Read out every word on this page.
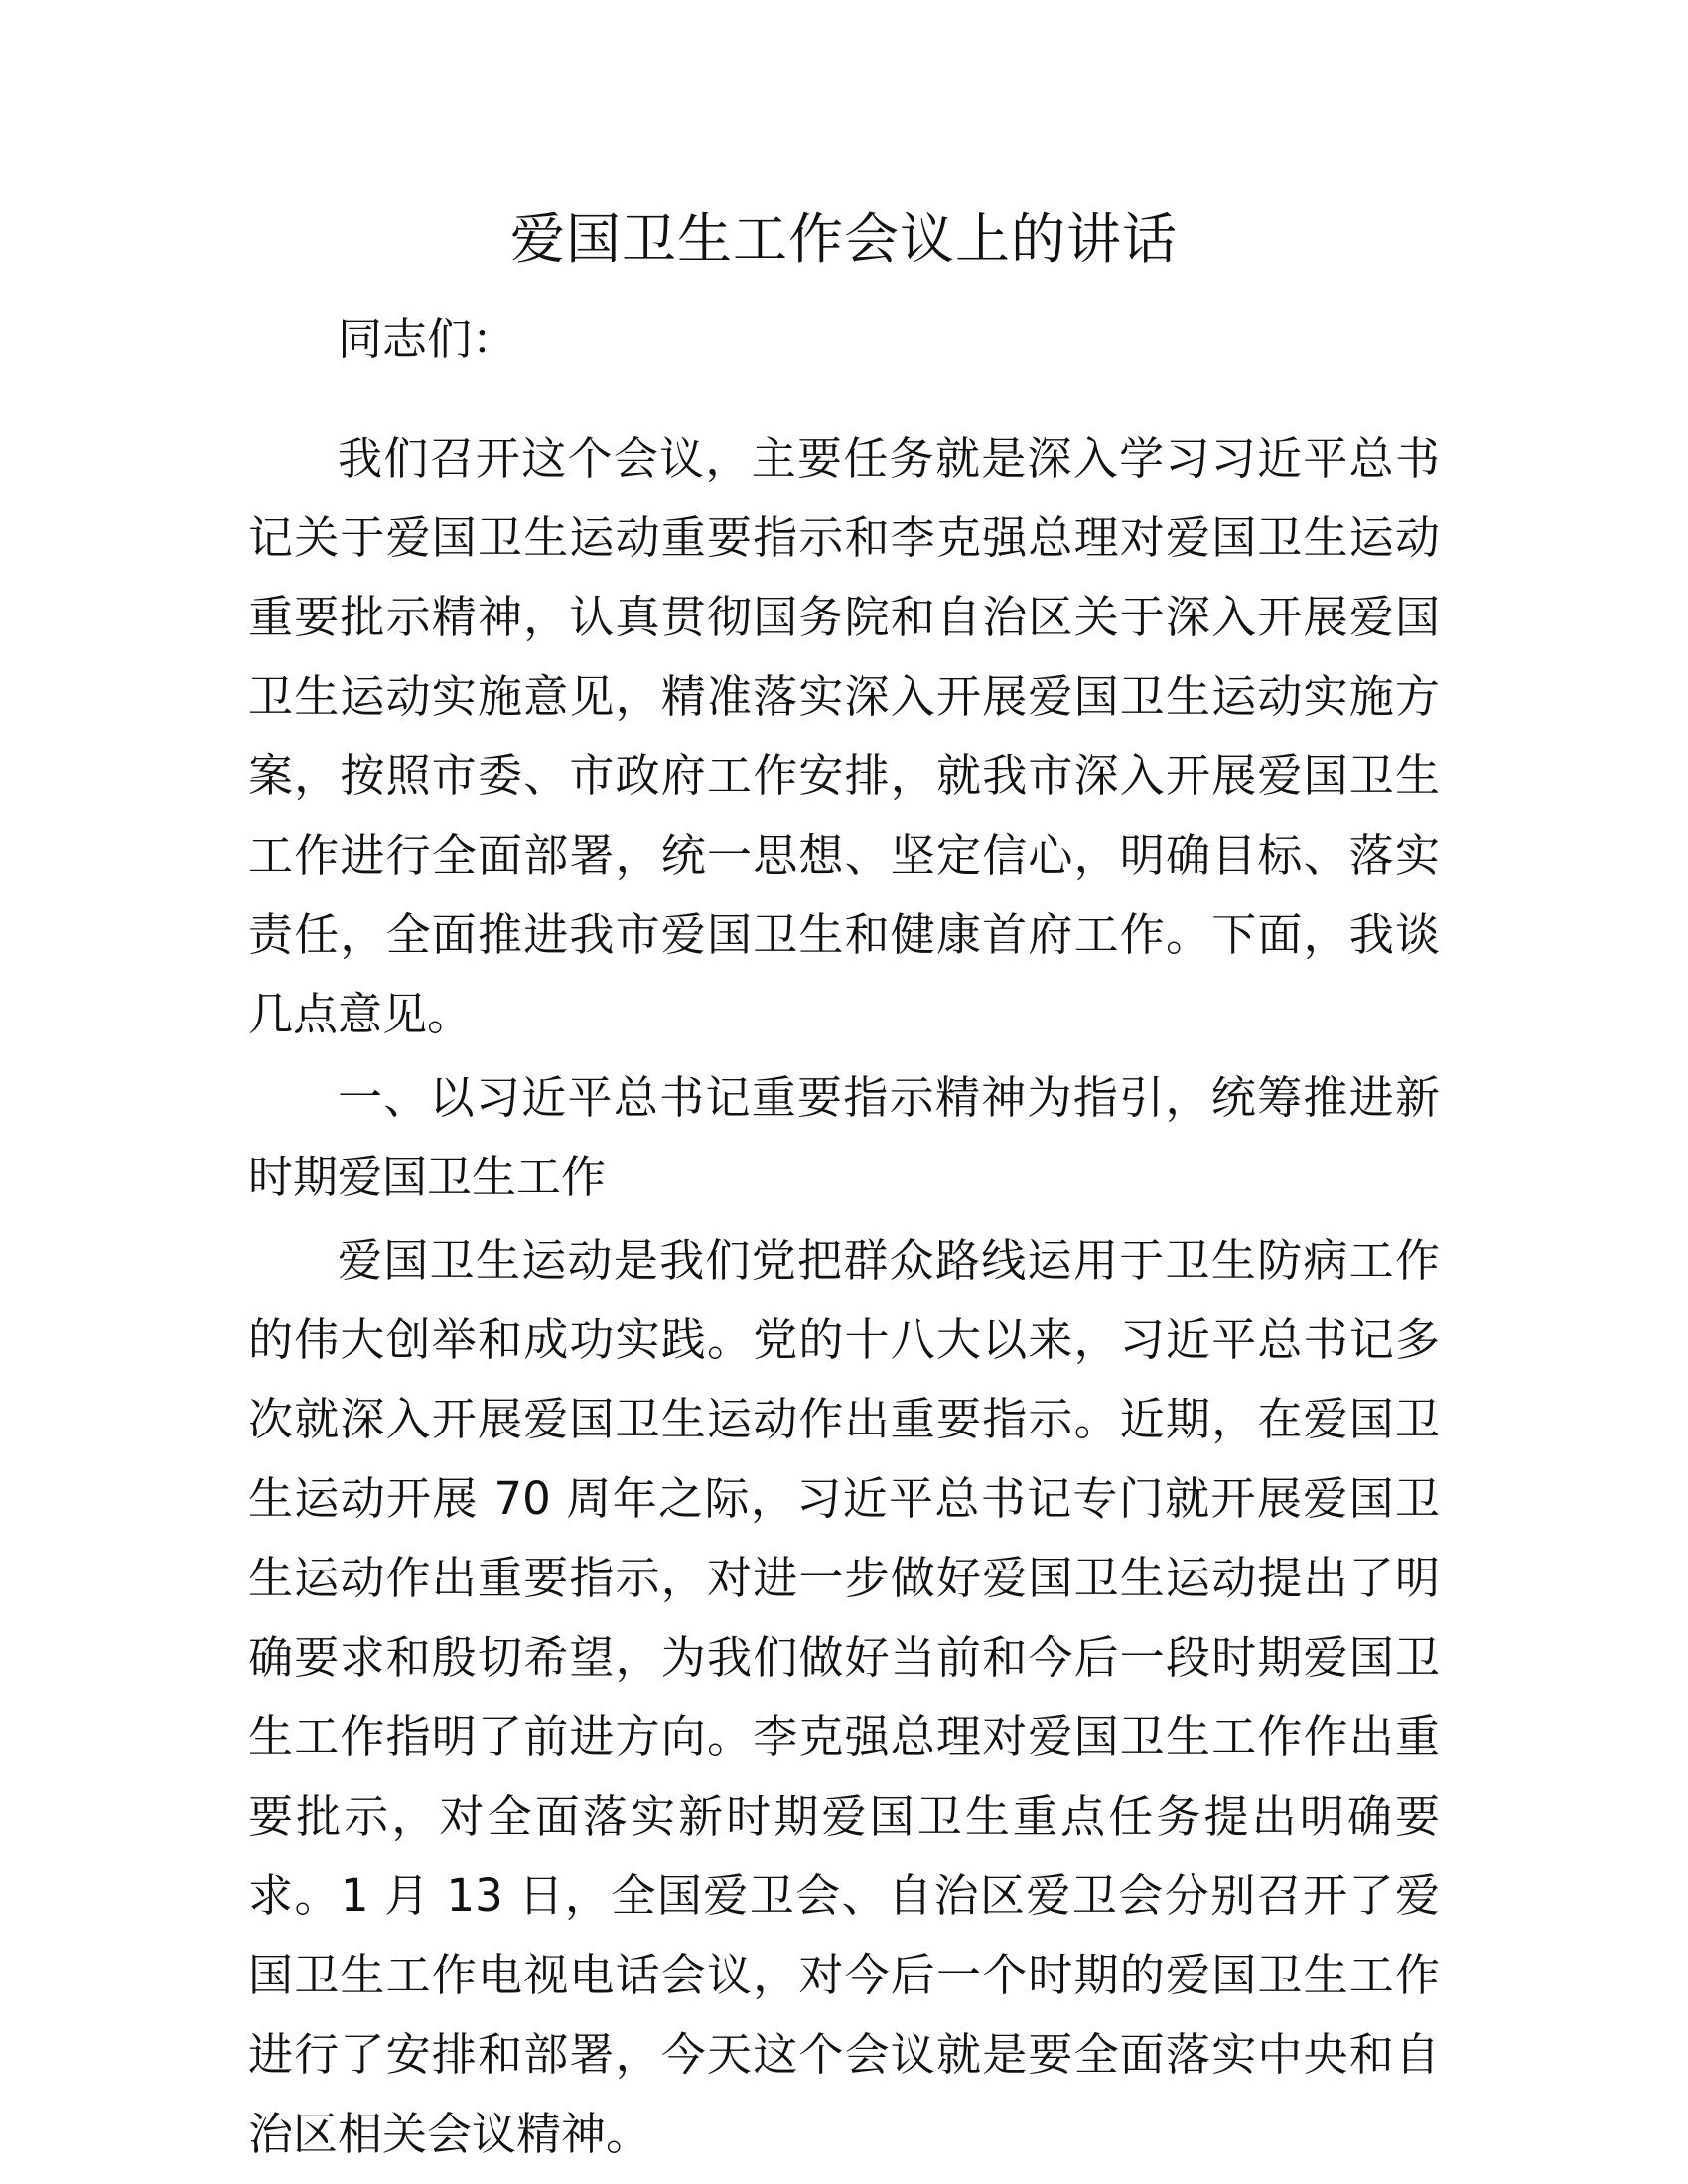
爱国卫生工作会议上的讲话

同志们：

我们召开这个会议，主要任务就是深入学习习近平总书记关于爱国卫生运动重要指示和李克强总理对爱国卫生运动重要批示精神，认真贯彻国务院和自治区关于深入开展爱国卫生运动实施意见，精准落实深入开展爱国卫生运动实施方案，按照市委、市政府工作安排，就我市深入开展爱国卫生工作进行全面部署，统一思想、坚定信心，明确目标、落实责任，全面推进我市爱国卫生和健康首府工作。下面，我谈几点意见。

一、以习近平总书记重要指示精神为指引，统筹推进新时期爱国卫生工作

爱国卫生运动是我们党把群众路线运用于卫生防病工作的伟大创举和成功实践。党的十八大以来，习近平总书记多次就深入开展爱国卫生运动作出重要指示。近期，在爱国卫生运动开展 70 周年之际，习近平总书记专门就开展爱国卫生运动作出重要指示，对进一步做好爱国卫生运动提出了明确要求和殷切希望，为我们做好当前和今后一段时期爱国卫生工作指明了前进方向。李克强总理对爱国卫生工作作出重要批示，对全面落实新时期爱国卫生重点任务提出明确要求。1 月 13 日，全国爱卫会、自治区爱卫会分别召开了爱国卫生工作电视电话会议，对今后一个时期的爱国卫生工作进行了安排和部署，今天这个会议就是要全面落实中央和自治区相关会议精神。
